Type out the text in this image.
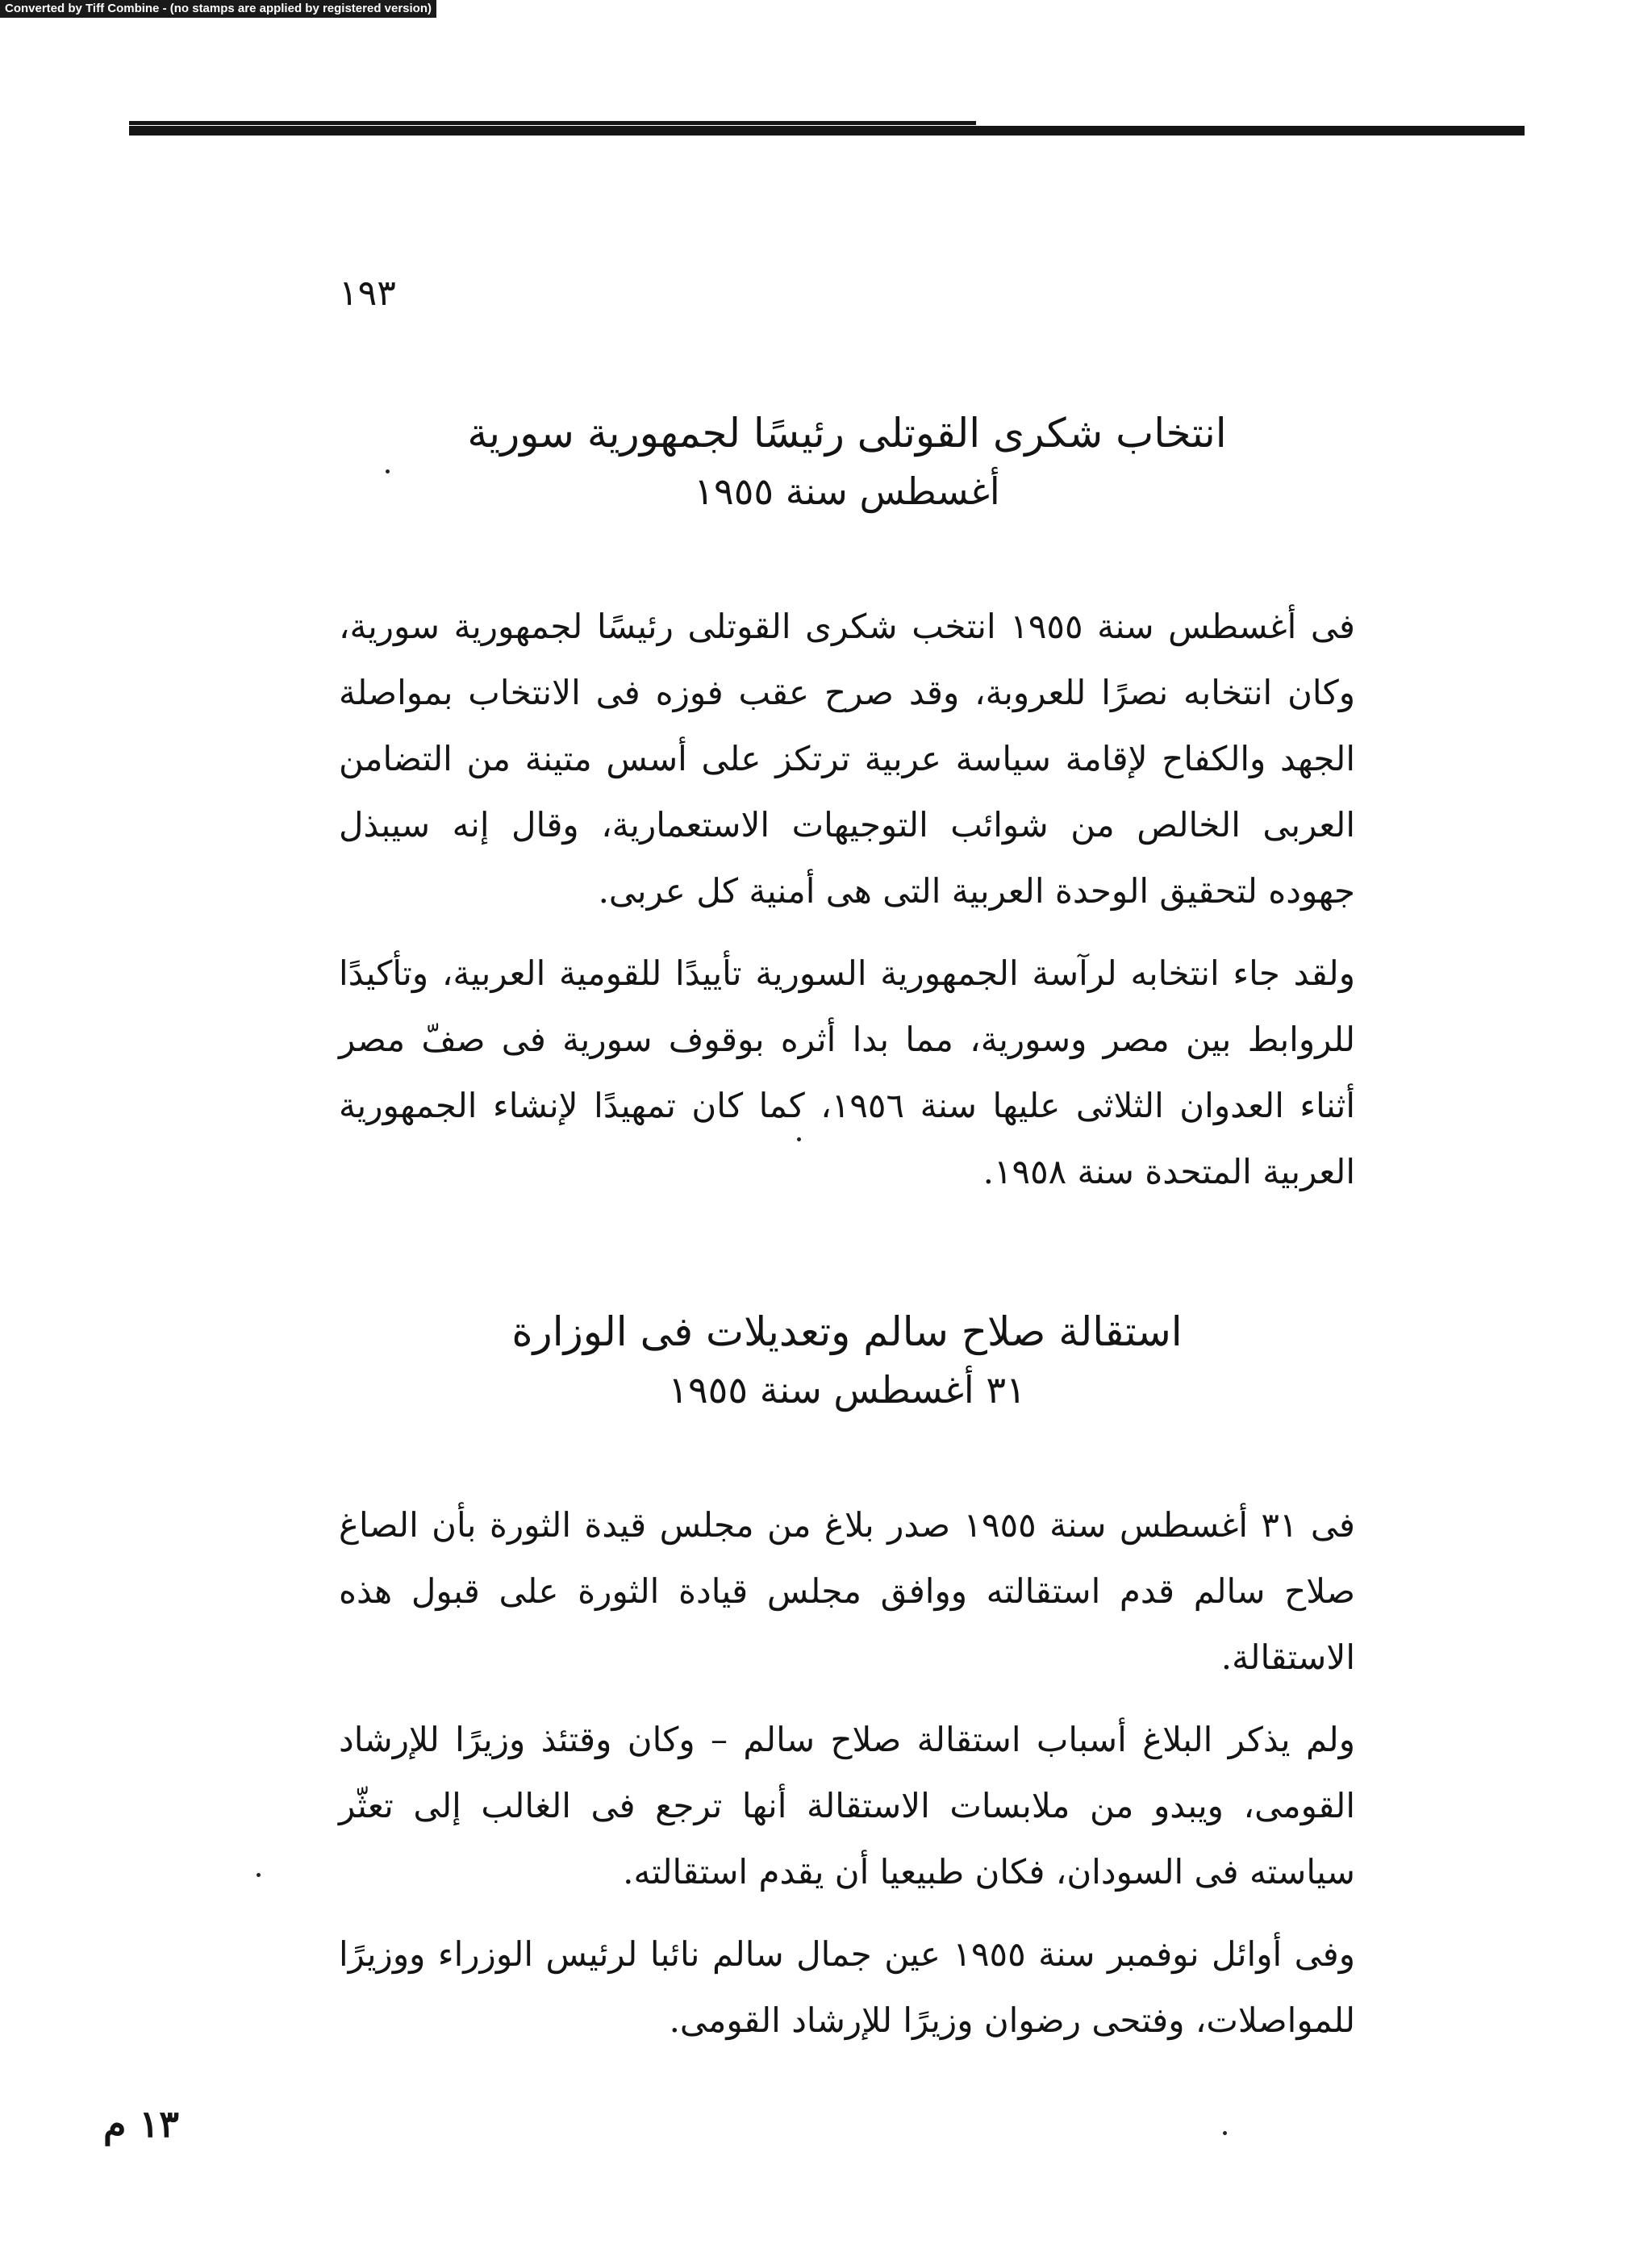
Converted by Tiff Combine - (no stamps are applied by registered version)
١٩٣
انتخاب شكرى القوتلى رئيسًا لجمهورية سورية
أغسطس سنة ١٩٥٥

فى أغسطس سنة ١٩٥٥ انتخب شكرى القوتلى رئيسًا لجمهورية سورية، وكان انتخابه نصرًا للعروبة، وقد صرح عقب فوزه فى الانتخاب بمواصلة الجهد والكفاح لإقامة سياسة عربية ترتكز على أسس متينة من التضامن العربى الخالص من شوائب التوجيهات الاستعمارية، وقال إنه سيبذل جهوده لتحقيق الوحدة العربية التى هى أمنية كل عربى.

ولقد جاء انتخابه لرآسة الجمهورية السورية تأييدًا للقومية العربية، وتأكيدًا للروابط بين مصر وسورية، مما بدا أثره بوقوف سورية فى صفّ مصر أثناء العدوان الثلاثى عليها سنة ١٩٥٦، كما كان تمهيدًا لإنشاء الجمهورية العربية المتحدة سنة ١٩٥٨.

استقالة صلاح سالم وتعديلات فى الوزارة
٣١ أغسطس سنة ١٩٥٥

فى ٣١ أغسطس سنة ١٩٥٥ صدر بلاغ من مجلس قيدة الثورة بأن الصاغ صلاح سالم قدم استقالته ووافق مجلس قيادة الثورة على قبول هذه الاستقالة.

ولم يذكر البلاغ أسباب استقالة صلاح سالم – وكان وقتئذ وزيرًا للإرشاد القومى، ويبدو من ملابسات الاستقالة أنها ترجع فى الغالب إلى تعثّر سياسته فى السودان، فكان طبيعيا أن يقدم استقالته.

وفى أوائل نوفمبر سنة ١٩٥٥ عين جمال سالم نائبا لرئيس الوزراء ووزيرًا للمواصلات، وفتحى رضوان وزيرًا للإرشاد القومى.

١٣ م
